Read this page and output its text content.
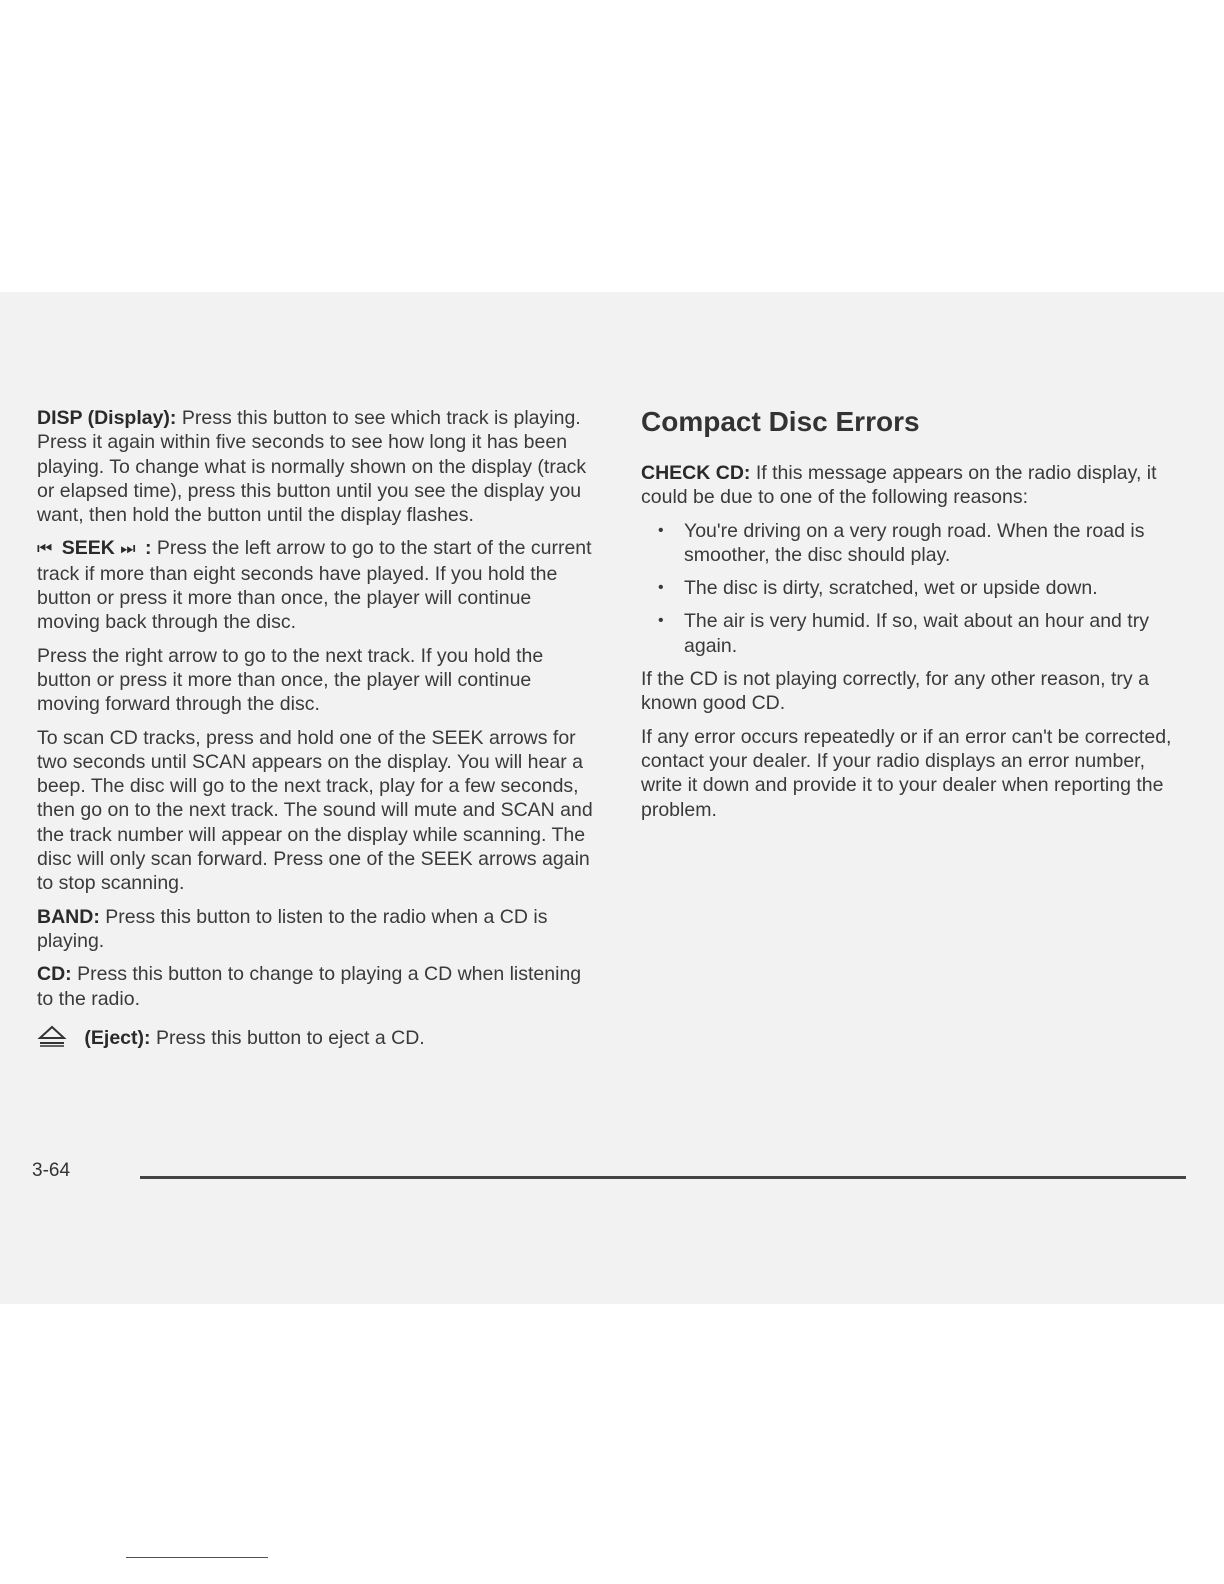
DISP (Display): Press this button to see which track is playing. Press it again within five seconds to see how long it has been playing. To change what is normally shown on the display (track or elapsed time), press this button until you see the display you want, then hold the button until the display flashes.

⏮ SEEK ⏭ : Press the left arrow to go to the start of the current track if more than eight seconds have played. If you hold the button or press it more than once, the player will continue moving back through the disc.

Press the right arrow to go to the next track. If you hold the button or press it more than once, the player will continue moving forward through the disc.

To scan CD tracks, press and hold one of the SEEK arrows for two seconds until SCAN appears on the display. You will hear a beep. The disc will go to the next track, play for a few seconds, then go on to the next track. The sound will mute and SCAN and the track number will appear on the display while scanning. The disc will only scan forward. Press one of the SEEK arrows again to stop scanning.

BAND: Press this button to listen to the radio when a CD is playing.

CD: Press this button to change to playing a CD when listening to the radio.

(Eject): Press this button to eject a CD.

Compact Disc Errors

CHECK CD: If this message appears on the radio display, it could be due to one of the following reasons:

• You're driving on a very rough road. When the road is smoother, the disc should play.
• The disc is dirty, scratched, wet or upside down.
• The air is very humid. If so, wait about an hour and try again.

If the CD is not playing correctly, for any other reason, try a known good CD.

If any error occurs repeatedly or if an error can't be corrected, contact your dealer. If your radio displays an error number, write it down and provide it to your dealer when reporting the problem.

3-64
